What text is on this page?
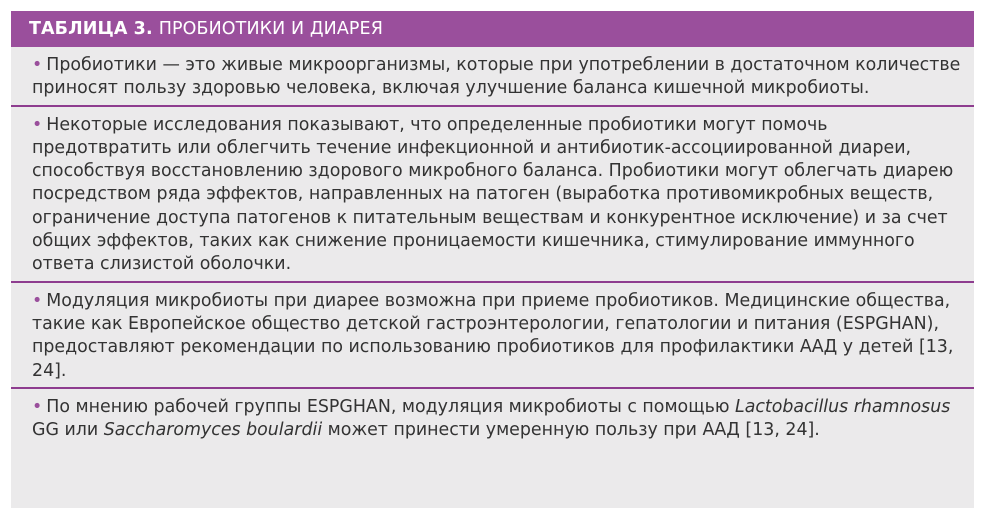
ТАБЛИЦА 3. ПРОБИОТИКИ И ДИАРЕЯ
• Пробиотики — это живые микроорганизмы, которые при употреблении в достаточном количестве приносят пользу здоровью человека, включая улучшение баланса кишечной микробиоты.
• Некоторые исследования показывают, что определенные пробиотики могут помочь предотвратить или облегчить течение инфекционной и антибиотик-ассоциированной диареи, способствуя восстановлению здорового микробного баланса. Пробиотики могут облегчать диарею посредством ряда эффектов, направленных на патоген (выработка противомикробных веществ, ограничение доступа патогенов к питательным веществам и конкурентное исключение) и за счет общих эффектов, таких как снижение проницаемости кишечника, стимулирование иммунного ответа слизистой оболочки.
• Модуляция микробиоты при диарее возможна при приеме пробиотиков. Медицинские общества, такие как Европейское общество детской гастроэнтерологии, гепатологии и питания (ESPGHAN), предоставляют рекомендации по использованию пробиотиков для профилактики ААД у детей [13, 24].
• По мнению рабочей группы ESPGHAN, модуляция микробиоты с помощью Lactobacillus rhamnosus GG или Saccharomyces boulardii может принести умеренную пользу при ААД [13, 24].
